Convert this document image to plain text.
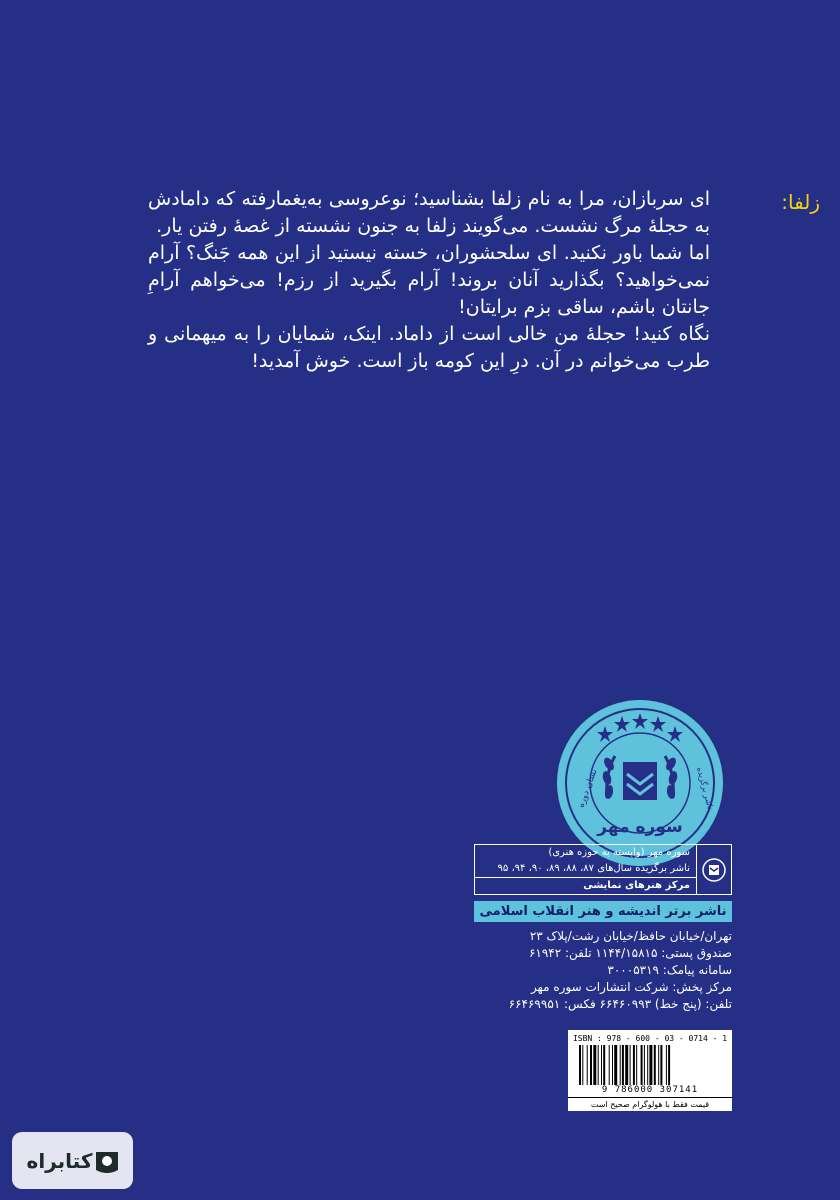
زلفا:

ای سربازان، مرا به نام زلفا بشناسید؛ نوعروسی به‌یغمارفته که دامادش به حجلهٔ مرگ نشست. می‌گویند زلفا به جنون نشسته از غصهٔ رفتن یار.

اما شما باور نکنید. ای سلحشوران، خسته نیستید از این همه جَنگ؟ آرام نمی‌خواهید؟ بگذارید آنان بروند! آرام بگیرید از رزم! می‌خواهم آرامِ جانتان باشم، ساقی بزم برایتان!

نگاه کنید! حجلهٔ من خالی است از داماد. اینک، شمایان را به میهمانی و طرب می‌خوانم در آن. درِ این کومه باز است. خوش آمدید!

سوره مهر
نشان دوره	ناشر برگزیده
سوره مهر (وابسته به حوزه هنری)
ناشر برگزیده سال‌های ۸۷، ۸۸، ۸۹، ۹۰، ۹۴، ۹۵
مرکز هنرهای نمایشی
ناشر برتر اندیشه و هنر انقلاب اسلامی
تهران/خیابان حافظ/خیابان رشت/پلاک ۲۳
صندوق پستی: ۱۱۴۴/۱۵۸۱۵ تلفن: ۶۱۹۴۲
سامانه پیامک: ۳۰۰۰۵۳۱۹
مرکز پخش: شرکت انتشارات سوره مهر
تلفن: (پنج خط) ۶۶۴۶۰۹۹۳ فکس: ۶۶۴۶۹۹۵۱
ISBN : 978 - 600 - 03 - 0714 - 1
9 786000 307141
قیمت فقط با هولوگرام صحیح است
کتابراه
